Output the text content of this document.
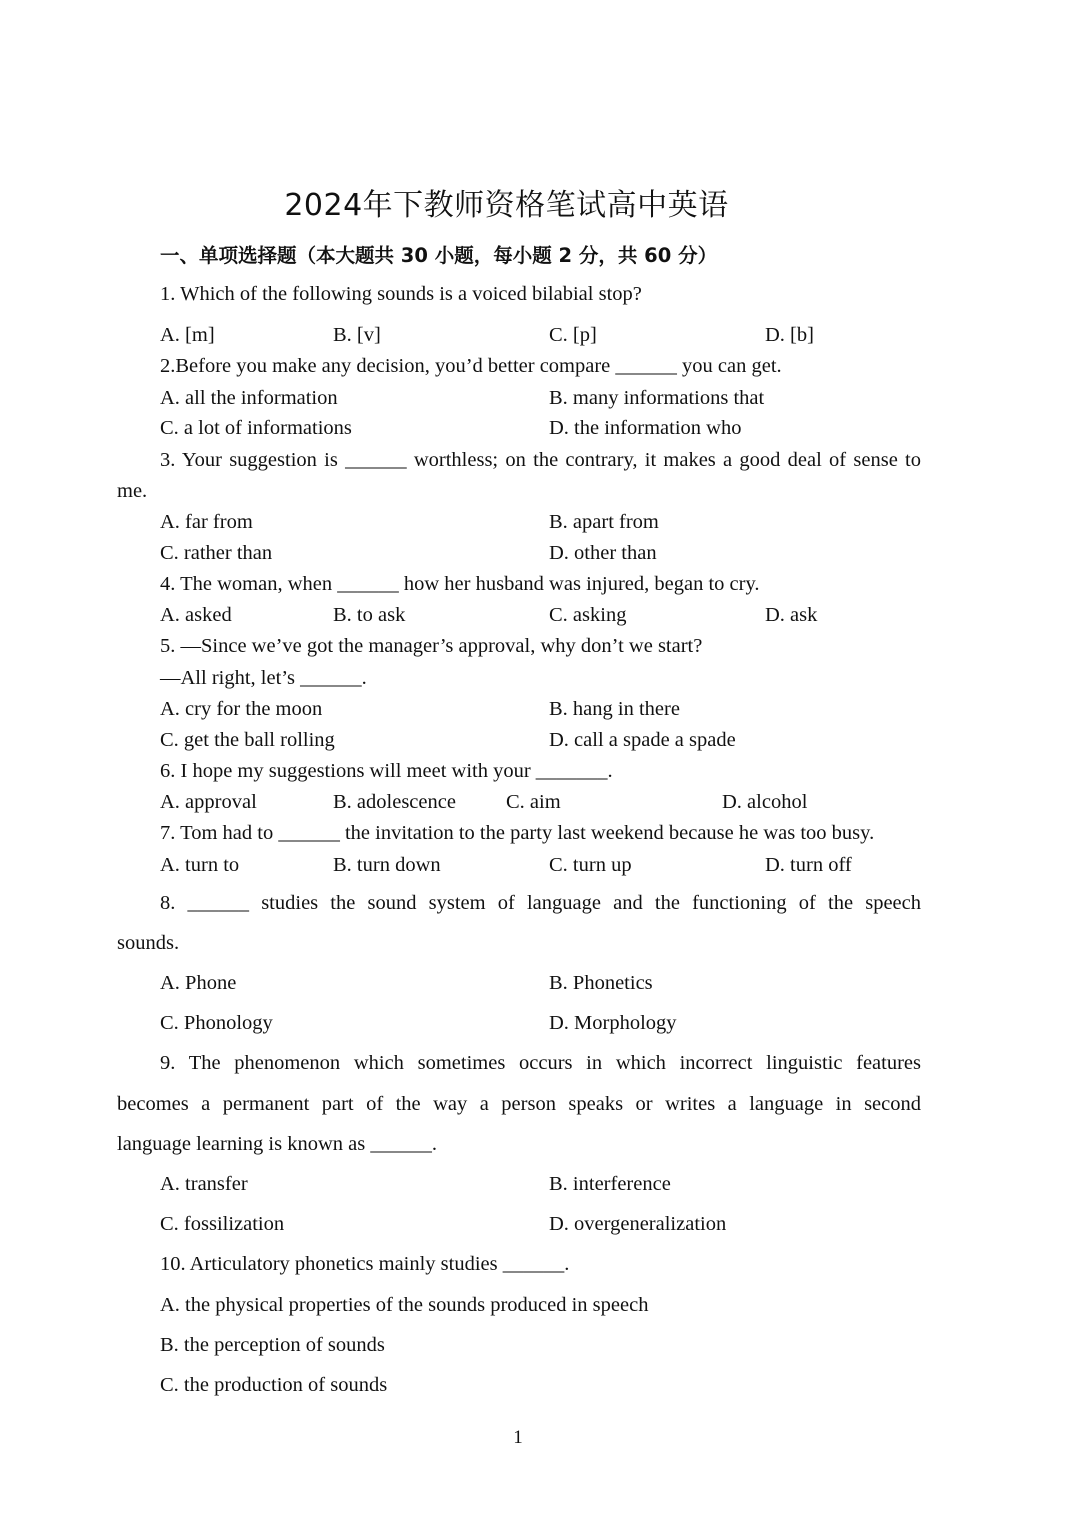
2024年下教师资格笔试高中英语
一、单项选择题（本大题共 30 小题，每小题 2 分，共 60 分）
1. Which of the following sounds is a voiced bilabial stop?
A. [m]	B. [v]	C. [p]	D. [b]
2.Before you make any decision, you’d better compare ______ you can get.
A. all the information	B. many informations that
C. a lot of informations	D. the information who
3. Your suggestion is ______ worthless; on the contrary, it makes a good deal of sense to
me.
A. far from	B. apart from
C. rather than	D. other than
4. The woman, when ______ how her husband was injured, began to cry.
A. asked	B. to ask	C. asking	D. ask
5. —Since we’ve got the manager’s approval, why don’t we start?
—All right, let’s ______.
A. cry for the moon	B. hang in there
C. get the ball rolling	D. call a spade a spade
6. I hope my suggestions will meet with your _______.
A. approval	B. adolescence C. aim	D. alcohol
7. Tom had to ______ the invitation to the party last weekend because he was too busy.
A. turn to	B. turn down	C. turn up	D. turn off
8. ______ studies the sound system of language and the functioning of the speech
sounds.
A. Phone	B. Phonetics
C. Phonology	D. Morphology
9. The phenomenon which sometimes occurs in which incorrect linguistic features
becomes a permanent part of the way a person speaks or writes a language in second
language learning is known as ______.
A. transfer	B. interference
C. fossilization	D. overgeneralization
10. Articulatory phonetics mainly studies ______.
A. the physical properties of the sounds produced in speech
B. the perception of sounds
C. the production of sounds
1
